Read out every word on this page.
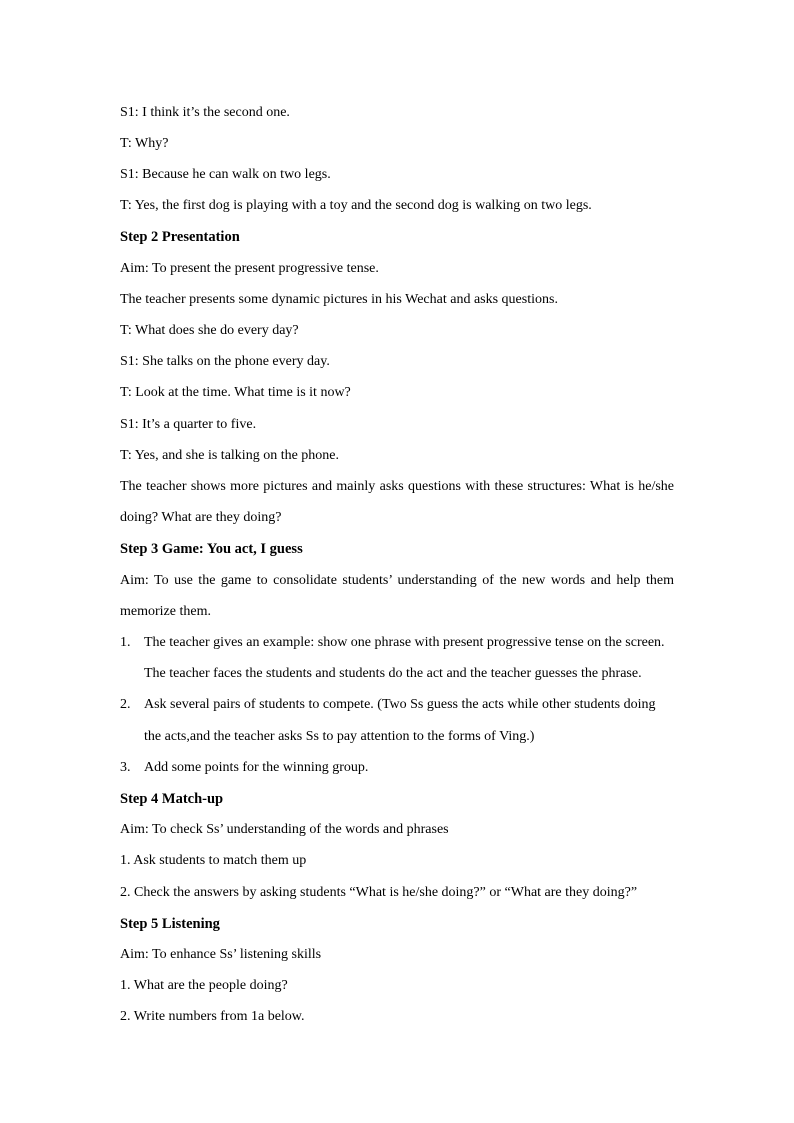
S1: I think it’s the second one.
T: Why?
S1: Because he can walk on two legs.
T: Yes, the first dog is playing with a toy and the second dog is walking on two legs.
Step 2 Presentation
Aim: To present the present progressive tense.
The teacher presents some dynamic pictures in his Wechat and asks questions.
T: What does she do every day?
S1: She talks on the phone every day.
T: Look at the time. What time is it now?
S1: It’s a quarter to five.
T: Yes, and she is talking on the phone.
The teacher shows more pictures and mainly asks questions with these structures: What is he/she
doing? What are they doing?
Step 3 Game: You act, I guess
Aim: To use the game to consolidate students’ understanding of the new words and help them
memorize them.
1. The teacher gives an example: show one phrase with present progressive tense on the screen.
The teacher faces the students and students do the act and the teacher guesses the phrase.
2. Ask several pairs of students to compete. (Two Ss guess the acts while other students doing
the acts,and the teacher asks Ss to pay attention to the forms of Ving.)
3. Add some points for the winning group.
Step 4 Match-up
Aim: To check Ss’ understanding of the words and phrases
1. Ask students to match them up
2. Check the answers by asking students “What is he/she doing?” or “What are they doing?”
Step 5 Listening
Aim: To enhance Ss’ listening skills
1. What are the people doing?
2. Write numbers from 1a below.
